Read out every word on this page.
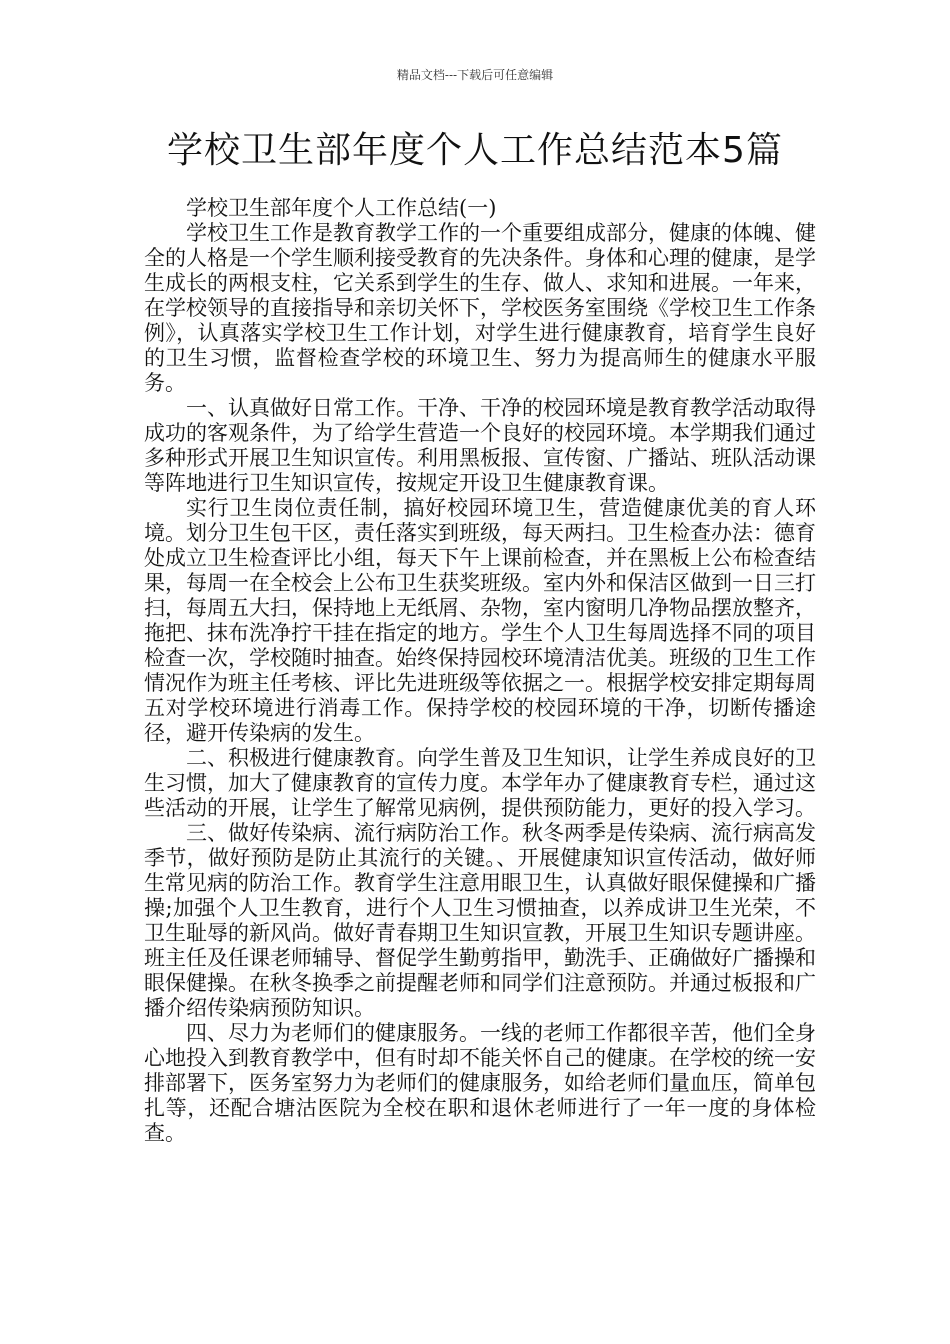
精品文档---下载后可任意编辑
学校卫生部年度个人工作总结范本5篇

学校卫生部年度个人工作总结(一)

学校卫生工作是教育教学工作的一个重要组成部分，健康的体魄、健全的人格是一个学生顺利接受教育的先决条件。身体和心理的健康，是学生成长的两根支柱，它关系到学生的生存、做人、求知和进展。一年来，在学校领导的直接指导和亲切关怀下，学校医务室围绕《学校卫生工作条例》，认真落实学校卫生工作计划，对学生进行健康教育，培育学生良好的卫生习惯，监督检查学校的环境卫生、努力为提高师生的健康水平服务。

一、认真做好日常工作。干净、干净的校园环境是教育教学活动取得成功的客观条件，为了给学生营造一个良好的校园环境。本学期我们通过多种形式开展卫生知识宣传。利用黑板报、宣传窗、广播站、班队活动课等阵地进行卫生知识宣传，按规定开设卫生健康教育课。

实行卫生岗位责任制，搞好校园环境卫生，营造健康优美的育人环境。划分卫生包干区，责任落实到班级，每天两扫。卫生检查办法：德育处成立卫生检查评比小组，每天下午上课前检查，并在黑板上公布检查结果，每周一在全校会上公布卫生获奖班级。室内外和保洁区做到一日三打扫，每周五大扫，保持地上无纸屑、杂物，室内窗明几净物品摆放整齐，拖把、抹布洗净拧干挂在指定的地方。学生个人卫生每周选择不同的项目检查一次，学校随时抽查。始终保持园校环境清洁优美。班级的卫生工作情况作为班主任考核、评比先进班级等依据之一。根据学校安排定期每周五对学校环境进行消毒工作。保持学校的校园环境的干净，切断传播途径，避开传染病的发生。

二、积极进行健康教育。向学生普及卫生知识，让学生养成良好的卫生习惯，加大了健康教育的宣传力度。本学年办了健康教育专栏，通过这些活动的开展，让学生了解常见病例，提供预防能力，更好的投入学习。

三、做好传染病、流行病防治工作。秋冬两季是传染病、流行病高发季节，做好预防是防止其流行的关键。、开展健康知识宣传活动，做好师生常见病的防治工作。教育学生注意用眼卫生，认真做好眼保健操和广播操;加强个人卫生教育，进行个人卫生习惯抽查，以养成讲卫生光荣，不卫生耻辱的新风尚。做好青春期卫生知识宣教，开展卫生知识专题讲座。班主任及任课老师辅导、督促学生勤剪指甲，勤洗手、正确做好广播操和眼保健操。在秋冬换季之前提醒老师和同学们注意预防。并通过板报和广播介绍传染病预防知识。

四、尽力为老师们的健康服务。一线的老师工作都很辛苦，他们全身心地投入到教育教学中，但有时却不能关怀自己的健康。在学校的统一安排部署下，医务室努力为老师们的健康服务，如给老师们量血压，简单包扎等，还配合塘沽医院为全校在职和退休老师进行了一年一度的身体检查。
